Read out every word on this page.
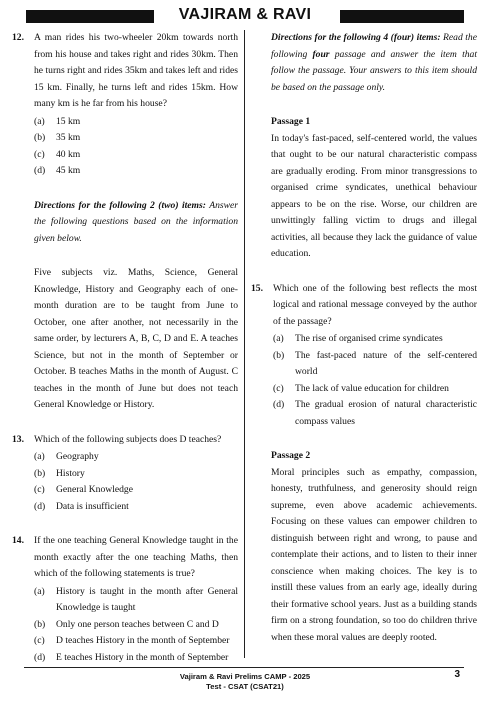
VAJIRAM & RAVI
12.	A man rides his two-wheeler 20km towards north from his house and takes right and rides 30km. Then he turns right and rides 35km and takes left and rides 15 km. Finally, he turns left and rides 15km. How many km is he far from his house?
(a)	15 km
(b)	35 km
(c)	40 km
(d)	45 km
Directions for the following 2 (two) items: Answer the following questions based on the information given below.
Five subjects viz. Maths, Science, General Knowledge, History and Geography each of one-month duration are to be taught from June to October, one after another, not necessarily in the same order, by lecturers A, B, C, D and E. A teaches Science, but not in the month of September or October. B teaches Maths in the month of August. C teaches in the month of June but does not teach General Knowledge or History.
13.	Which of the following subjects does D teaches?
(a)	Geography
(b)	History
(c)	General Knowledge
(d)	Data is insufficient
14.	If the one teaching General Knowledge taught in the month exactly after the one teaching Maths, then which of the following statements is true?
(a)	History is taught in the month after General Knowledge is taught
(b)	Only one person teaches between C and D
(c)	D teaches History in the month of September
(d)	E teaches History in the month of September
Directions for the following 4 (four) items: Read the following four passage and answer the item that follow the passage. Your answers to this item should be based on the passage only.
Passage 1
In today's fast-paced, self-centered world, the values that ought to be our natural characteristic compass are gradually eroding. From minor transgressions to organised crime syndicates, unethical behaviour appears to be on the rise. Worse, our children are unwittingly falling victim to drugs and illegal activities, all because they lack the guidance of value education.
15.	Which one of the following best reflects the most logical and rational message conveyed by the author of the passage?
(a)	The rise of organised crime syndicates
(b)	The fast-paced nature of the self-centered world
(c)	The lack of value education for children
(d)	The gradual erosion of natural characteristic compass values
Passage 2
Moral principles such as empathy, compassion, honesty, truthfulness, and generosity should reign supreme, even above academic achievements. Focusing on these values can empower children to distinguish between right and wrong, to pause and contemplate their actions, and to listen to their inner conscience when making choices. The key is to instill these values from an early age, ideally during their formative school years. Just as a building stands firm on a strong foundation, so too do children thrive when these moral values are deeply rooted.
Vajiram & Ravi Prelims CAMP - 2025
Test - CSAT (CSAT21)
3
